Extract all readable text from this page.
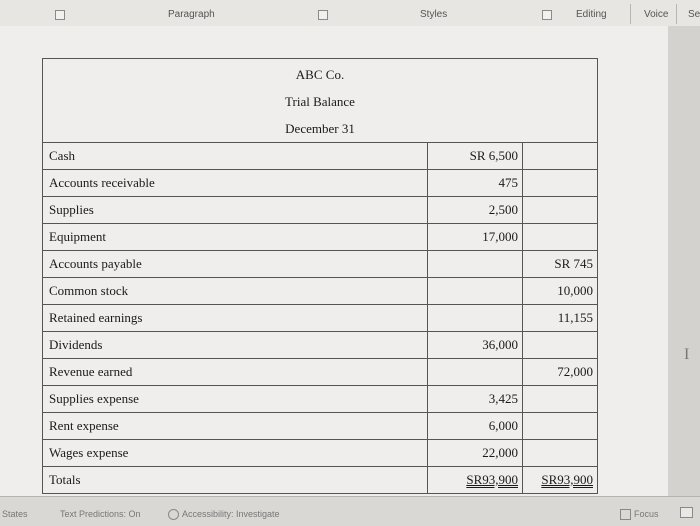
Paragraph	Styles	Editing	Voice Se
ABC Co.
Trial Balance
December 31		

Cash	SR 6,500	
Accounts receivable	475	
Supplies	2,500	
Equipment	17,000	
Accounts payable		SR 745
Common stock		10,000
Retained earnings		11,155
Dividends	36,000	
Revenue earned		72,000
Supplies expense	3,425	
Rent expense	6,000	
Wages expense	22,000	
Totals	SR93,900	SR93,900
I
States	Text Predictions: On	Accessibility: Investigate	Focus
